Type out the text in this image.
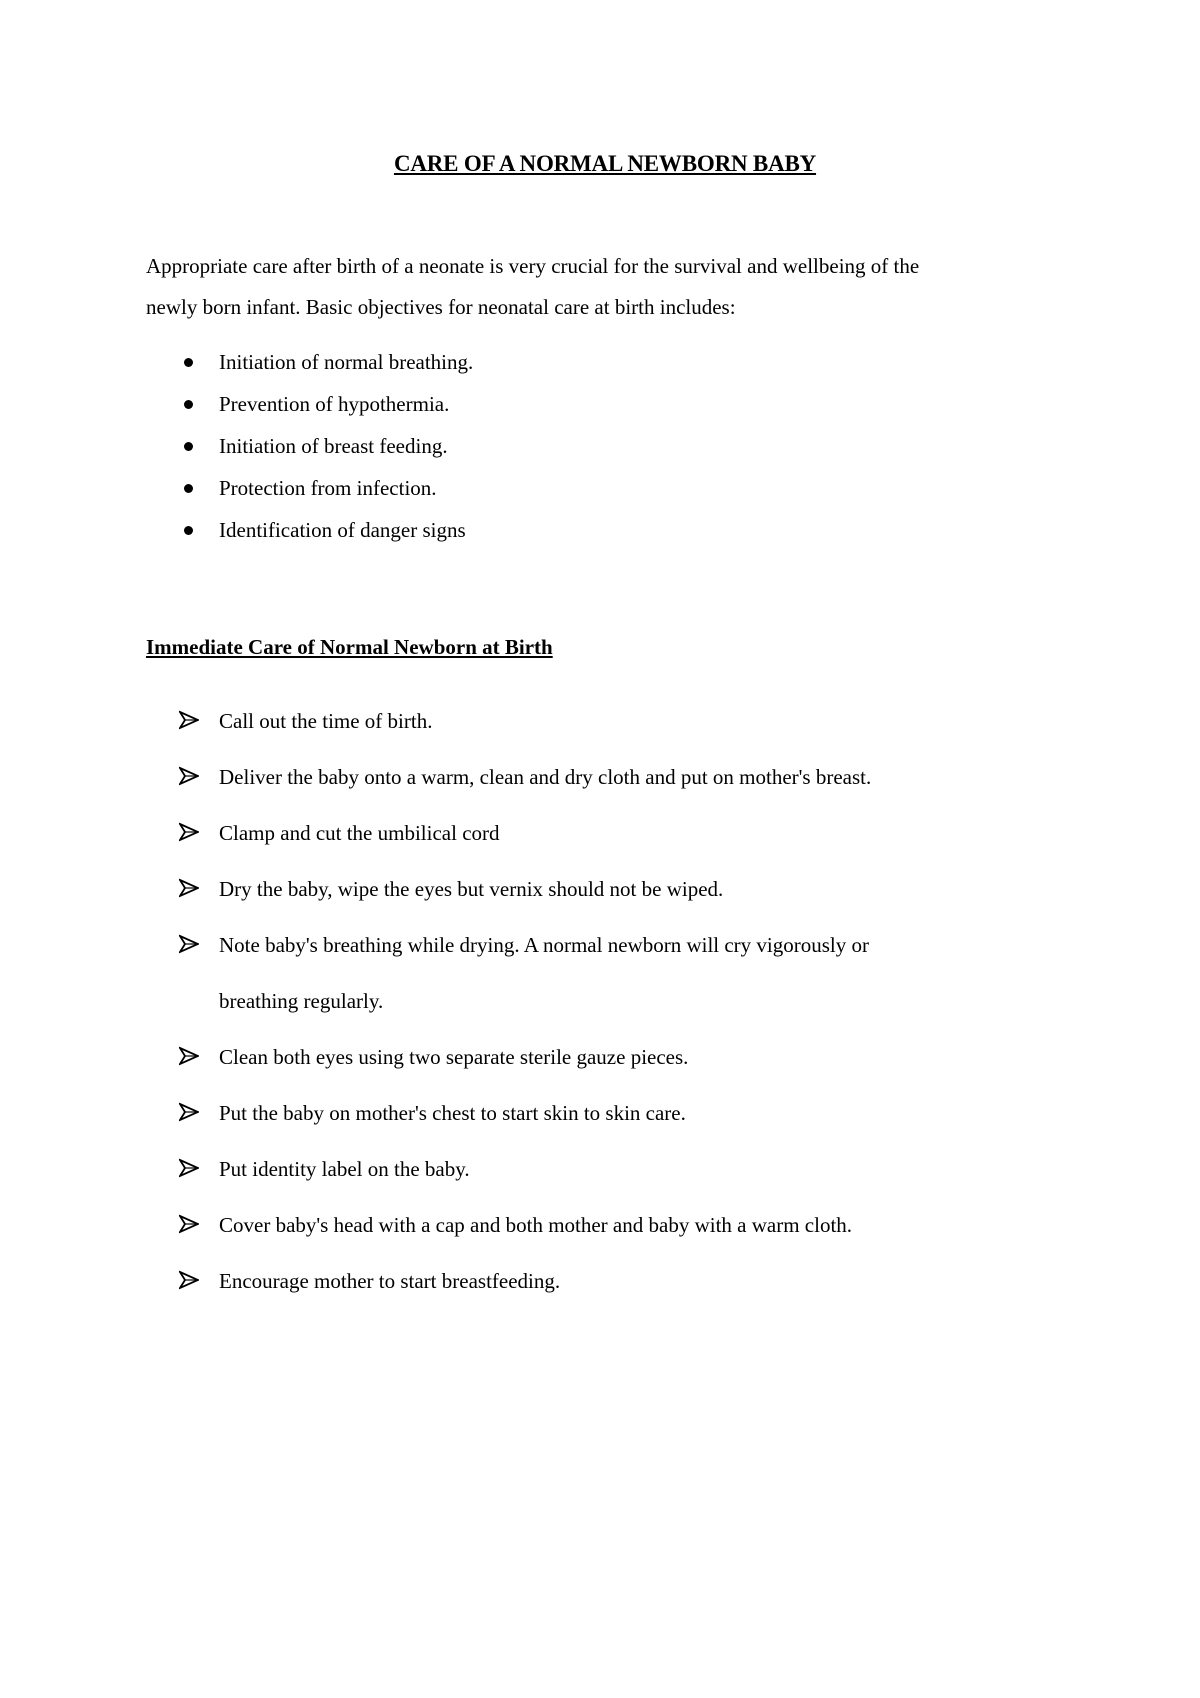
CARE OF A NORMAL NEWBORN BABY

Appropriate care after birth of a neonate is very crucial for the survival and wellbeing of the

newly born infant. Basic objectives for neonatal care at birth includes:

Initiation of normal breathing.
Prevention of hypothermia.
Initiation of breast feeding.
Protection from infection.
Identification of danger signs
Immediate Care of Normal Newborn at Birth
Call out the time of birth.
Deliver the baby onto a warm, clean and dry cloth and put on mother's breast.
Clamp and cut the umbilical cord
Dry the baby, wipe the eyes but vernix should not be wiped.
Note baby's breathing while drying. A normal newborn will cry vigorously or
breathing regularly.
Clean both eyes using two separate sterile gauze pieces.
Put the baby on mother's chest to start skin to skin care.
Put identity label on the baby.
Cover baby's head with a cap and both mother and baby with a warm cloth.
Encourage mother to start breastfeeding.
